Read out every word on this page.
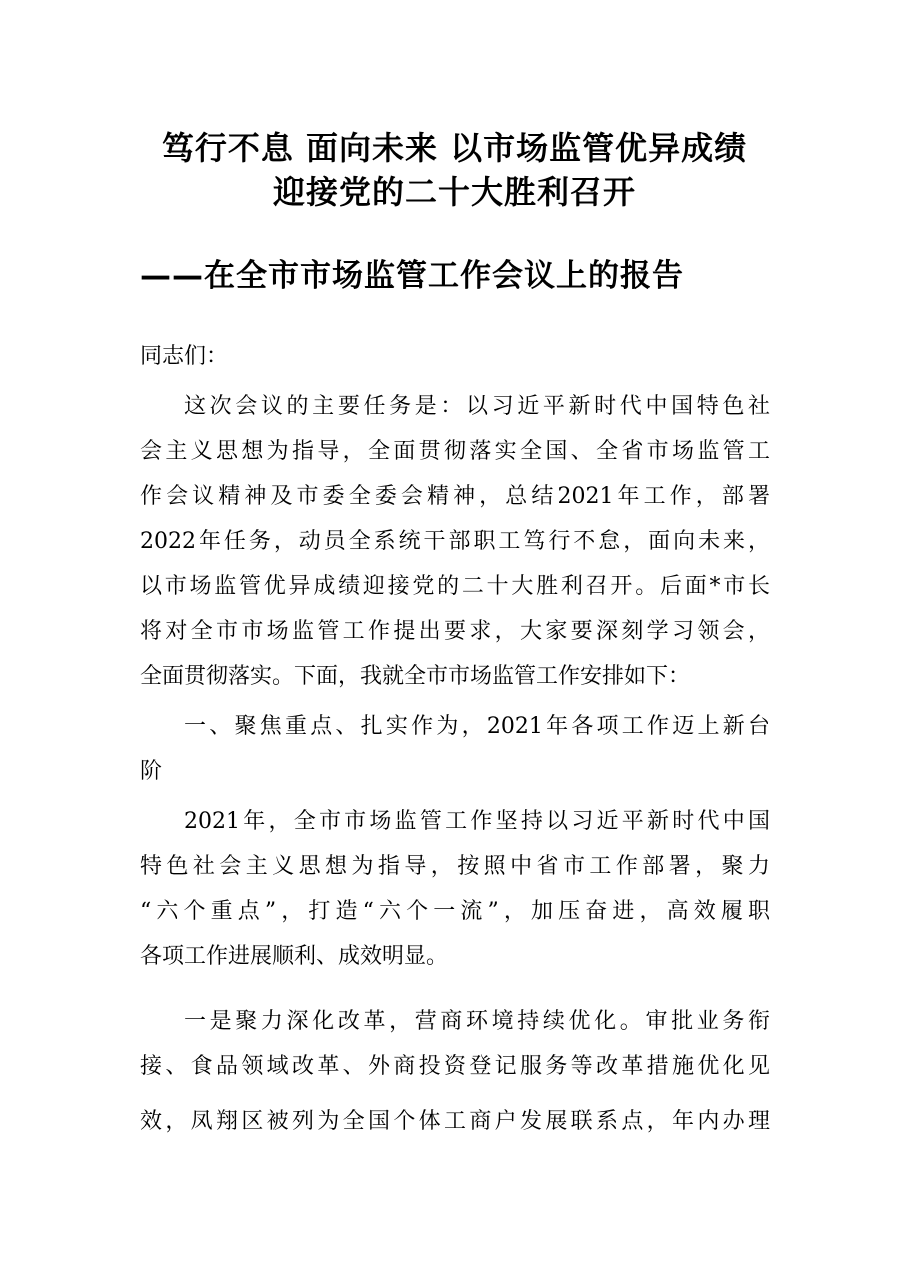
笃行不息 面向未来 以市场监管优异成绩
迎接党的二十大胜利召开
——在全市市场监管工作会议上的报告
同志们：
这次会议的主要任务是：以习近平新时代中国特色社
会主义思想为指导，全面贯彻落实全国、全省市场监管工
作会议精神及市委全委会精神，总结2021年工作，部署
2022年任务，动员全系统干部职工笃行不怠，面向未来，
以市场监管优异成绩迎接党的二十大胜利召开。后面*市长
将对全市市场监管工作提出要求，大家要深刻学习领会，
全面贯彻落实。下面，我就全市市场监管工作安排如下：
一、聚焦重点、扎实作为，2021年各项工作迈上新台
阶
2021年，全市市场监管工作坚持以习近平新时代中国
特色社会主义思想为指导，按照中省市工作部署，聚力
“六个重点”，打造“六个一流”，加压奋进，高效履职
各项工作进展顺利、成效明显。
一是聚力深化改革，营商环境持续优化。审批业务衔
接、食品领域改革、外商投资登记服务等改革措施优化见
效，凤翔区被列为全国个体工商户发展联系点，年内办理
